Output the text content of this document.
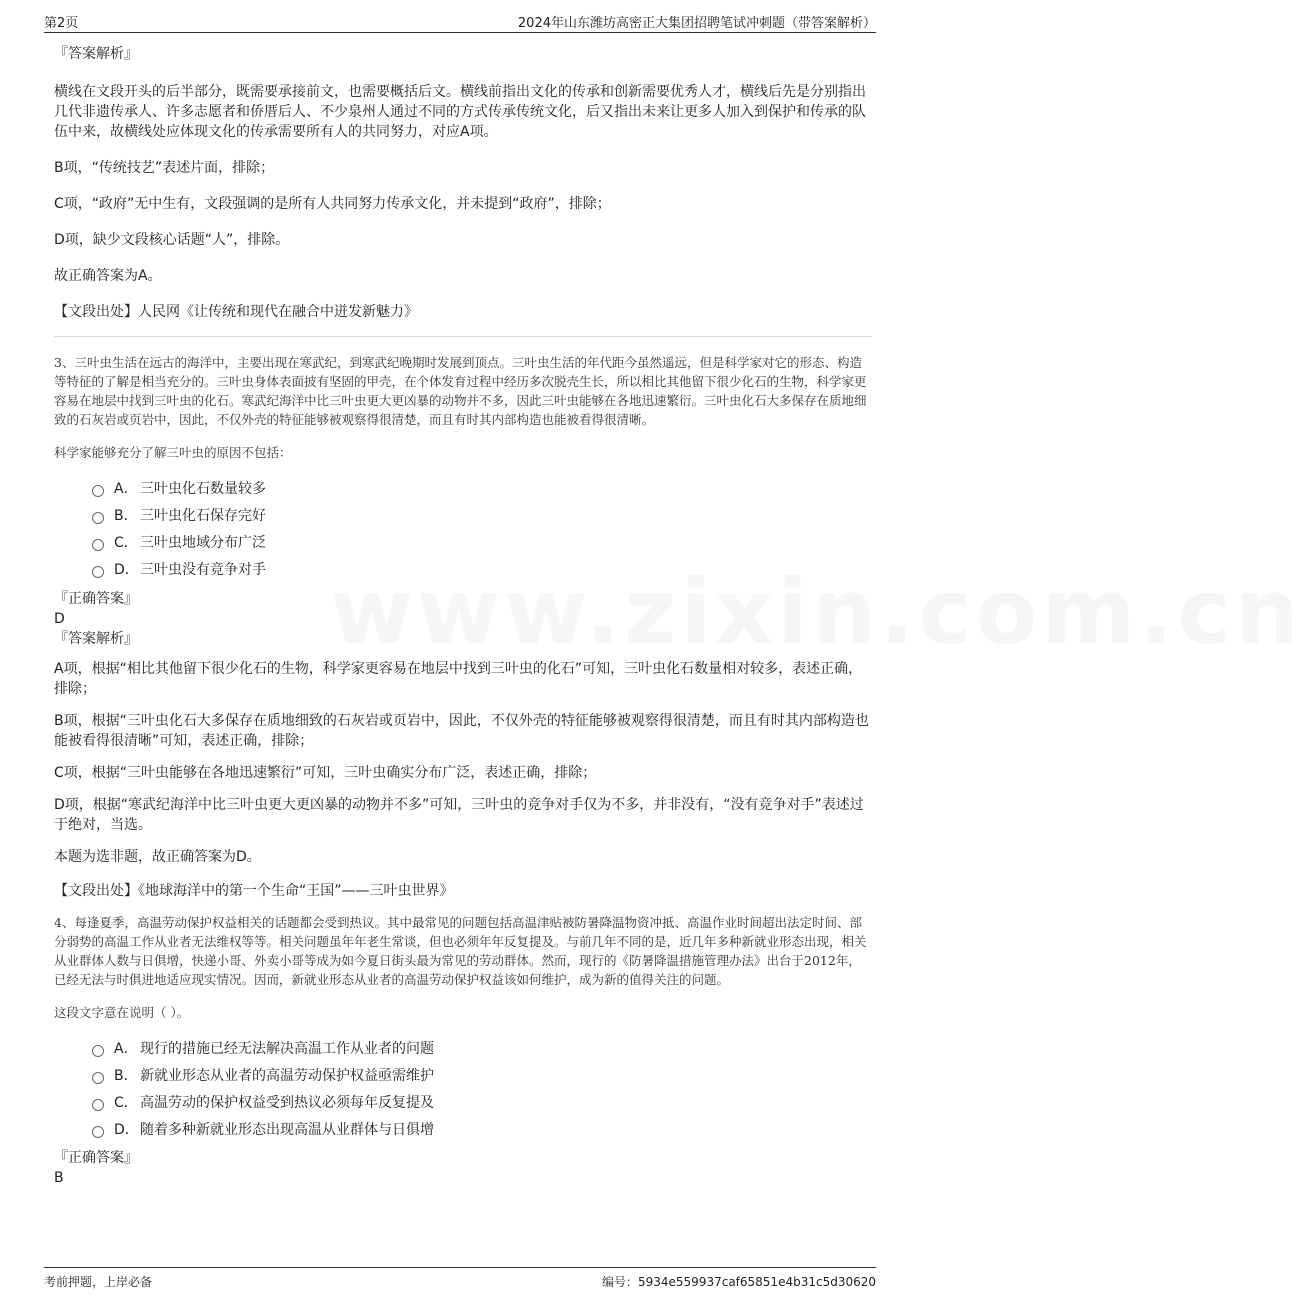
第2页	2024年山东潍坊高密正大集团招聘笔试冲刺题（带答案解析）
www.zixin.com.cn

『答案解析』

横线在文段开头的后半部分，既需要承接前文，也需要概括后文。横线前指出文化的传承和创新需要优秀人才，横线后先是分别指出几代非遗传承人、许多志愿者和侨厝后人、不少泉州人通过不同的方式传承传统文化，后又指出未来让更多人加入到保护和传承的队伍中来，故横线处应体现文化的传承需要所有人的共同努力，对应A项。

B项，“传统技艺”表述片面，排除；

C项，“政府”无中生有，文段强调的是所有人共同努力传承文化，并未提到“政府”，排除；

D项，缺少文段核心话题“人”，排除。

故正确答案为A。

【文段出处】人民网《让传统和现代在融合中迸发新魅力》

3、三叶虫生活在远古的海洋中，主要出现在寒武纪，到寒武纪晚期时发展到顶点。三叶虫生活的年代距今虽然遥远，但是科学家对它的形态、构造等特征的了解是相当充分的。三叶虫身体表面披有坚固的甲壳，在个体发育过程中经历多次脱壳生长，所以相比其他留下很少化石的生物，科学家更容易在地层中找到三叶虫的化石。寒武纪海洋中比三叶虫更大更凶暴的动物并不多，因此三叶虫能够在各地迅速繁衍。三叶虫化石大多保存在质地细致的石灰岩或页岩中，因此，不仅外壳的特征能够被观察得很清楚，而且有时其内部构造也能被看得很清晰。

科学家能够充分了解三叶虫的原因不包括：

A． 三叶虫化石数量较多
B． 三叶虫化石保存完好
C． 三叶虫地域分布广泛
D． 三叶虫没有竞争对手

『正确答案』

D

『答案解析』

A项，根据“相比其他留下很少化石的生物，科学家更容易在地层中找到三叶虫的化石”可知，三叶虫化石数量相对较多，表述正确，排除；

B项，根据“三叶虫化石大多保存在质地细致的石灰岩或页岩中，因此，不仅外壳的特征能够被观察得很清楚，而且有时其内部构造也能被看得很清晰”可知，表述正确，排除；

C项，根据“三叶虫能够在各地迅速繁衍”可知，三叶虫确实分布广泛，表述正确，排除；

D项，根据“寒武纪海洋中比三叶虫更大更凶暴的动物并不多”可知，三叶虫的竞争对手仅为不多，并非没有，“没有竞争对手”表述过于绝对，当选。

本题为选非题，故正确答案为D。

【文段出处】《地球海洋中的第一个生命“王国”——三叶虫世界》

4、每逢夏季，高温劳动保护权益相关的话题都会受到热议。其中最常见的问题包括高温津贴被防暑降温物资冲抵、高温作业时间超出法定时间、部分弱势的高温工作从业者无法维权等等。相关问题虽年年老生常谈，但也必须年年反复提及。与前几年不同的是，近几年多种新就业形态出现，相关从业群体人数与日俱增，快递小哥、外卖小哥等成为如今夏日街头最为常见的劳动群体。然而，现行的《防暑降温措施管理办法》出台于2012年，已经无法与时俱进地适应现实情况。因而，新就业形态从业者的高温劳动保护权益该如何维护，成为新的值得关注的问题。

这段文字意在说明（ ）。

A． 现行的措施已经无法解决高温工作从业者的问题
B． 新就业形态从业者的高温劳动保护权益亟需维护
C． 高温劳动的保护权益受到热议必须每年反复提及
D． 随着多种新就业形态出现高温从业群体与日俱增

『正确答案』

B

考前押题，上岸必备	编号：5934e559937caf65851e4b31c5d30620
